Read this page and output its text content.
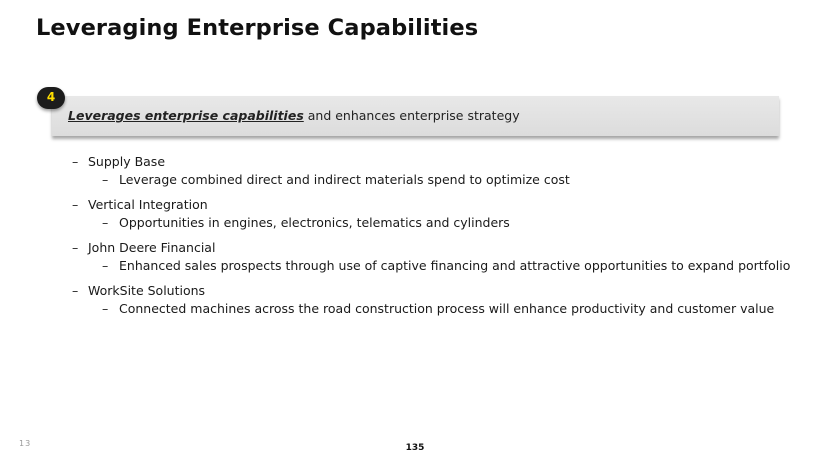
Leveraging Enterprise Capabilities
Leverages enterprise capabilities and enhances enterprise strategy
4
– Supply Base
– Leverage combined direct and indirect materials spend to optimize cost
– Vertical Integration
– Opportunities in engines, electronics, telematics and cylinders
– John Deere Financial
– Enhanced sales prospects through use of captive financing and attractive opportunities to expand portfolio
– WorkSite Solutions
– Connected machines across the road construction process will enhance productivity and customer value
13	135
